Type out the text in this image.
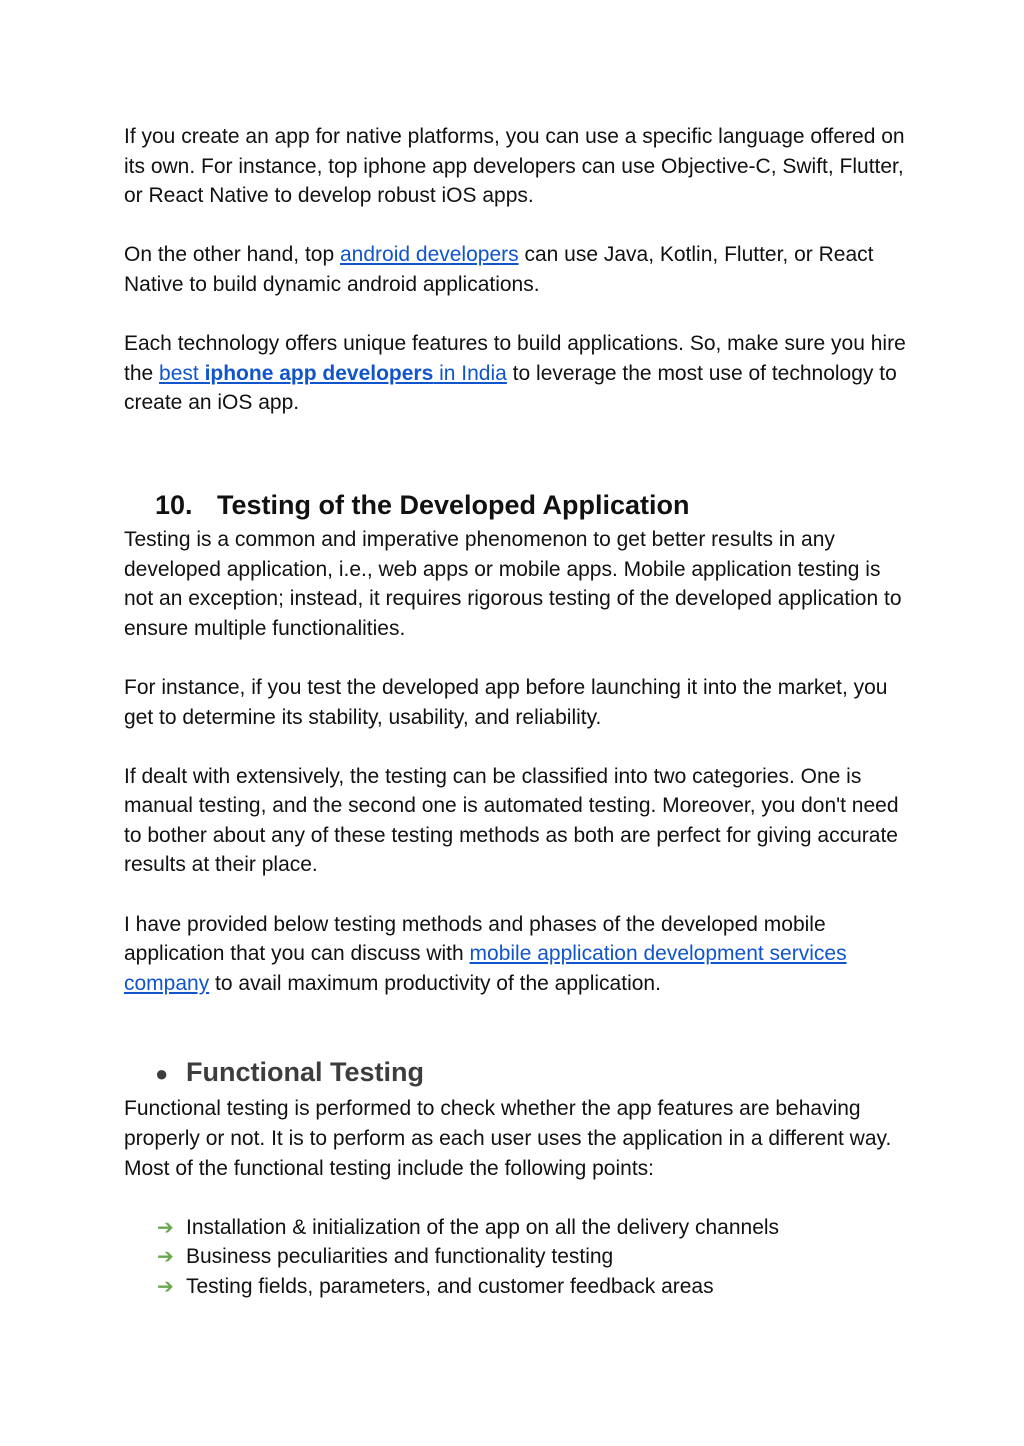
If you create an app for native platforms, you can use a specific language offered on its own. For instance, top iphone app developers can use Objective-C, Swift, Flutter, or React Native to develop robust iOS apps.

On the other hand, top android developers can use Java, Kotlin, Flutter, or React Native to build dynamic android applications.

Each technology offers unique features to build applications. So, make sure you hire the best iphone app developers in India to leverage the most use of technology to create an iOS app.

10. Testing of the Developed Application

Testing is a common and imperative phenomenon to get better results in any developed application, i.e., web apps or mobile apps. Mobile application testing is not an exception; instead, it requires rigorous testing of the developed application to ensure multiple functionalities.

For instance, if you test the developed app before launching it into the market, you get to determine its stability, usability, and reliability.

If dealt with extensively, the testing can be classified into two categories. One is manual testing, and the second one is automated testing. Moreover, you don't need to bother about any of these testing methods as both are perfect for giving accurate results at their place.

I have provided below testing methods and phases of the developed mobile application that you can discuss with mobile application development services company to avail maximum productivity of the application.

● Functional Testing

Functional testing is performed to check whether the app features are behaving properly or not. It is to perform as each user uses the application in a different way. Most of the functional testing include the following points:

➔ Installation & initialization of the app on all the delivery channels
➔ Business peculiarities and functionality testing
➔ Testing fields, parameters, and customer feedback areas
